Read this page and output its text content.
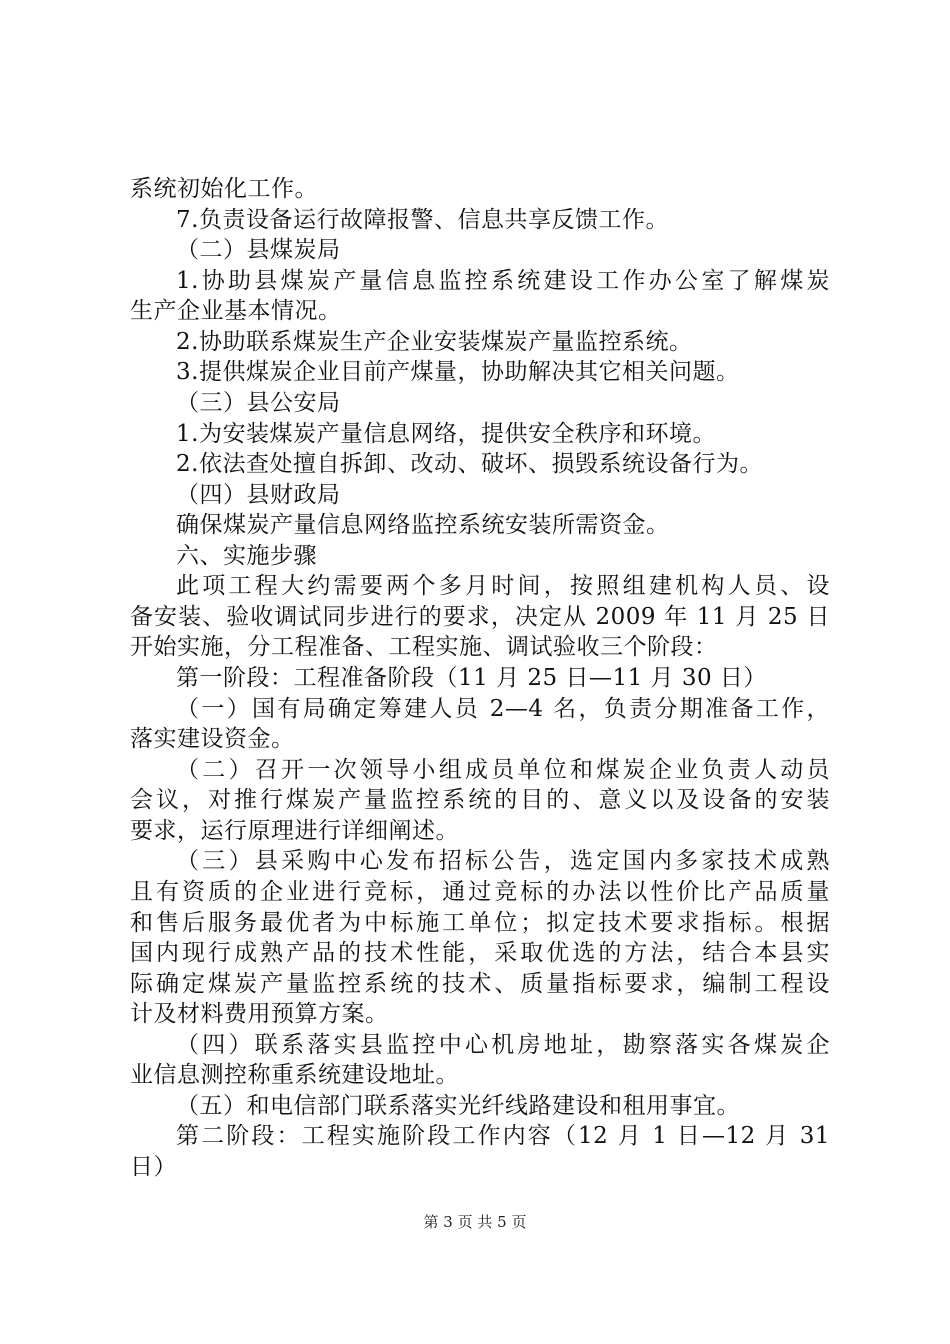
系统初始化工作。
7.负责设备运行故障报警、信息共享反馈工作。
（二）县煤炭局
1.协助县煤炭产量信息监控系统建设工作办公室了解煤炭
生产企业基本情况。
2.协助联系煤炭生产企业安装煤炭产量监控系统。
3.提供煤炭企业目前产煤量，协助解决其它相关问题。
（三）县公安局
1.为安装煤炭产量信息网络，提供安全秩序和环境。
2.依法查处擅自拆卸、改动、破坏、损毁系统设备行为。
（四）县财政局
确保煤炭产量信息网络监控系统安装所需资金。
六、实施步骤
此项工程大约需要两个多月时间，按照组建机构人员、设
备安装、验收调试同步进行的要求，决定从 2009 年 11 月 25 日
开始实施，分工程准备、工程实施、调试验收三个阶段：
第一阶段：工程准备阶段（11 月 25 日—11 月 30 日）
（一）国有局确定筹建人员 2—4 名，负责分期准备工作，
落实建设资金。
（二）召开一次领导小组成员单位和煤炭企业负责人动员
会议，对推行煤炭产量监控系统的目的、意义以及设备的安装
要求，运行原理进行详细阐述。
（三）县采购中心发布招标公告，选定国内多家技术成熟
且有资质的企业进行竞标，通过竞标的办法以性价比产品质量
和售后服务最优者为中标施工单位；拟定技术要求指标。根据
国内现行成熟产品的技术性能，采取优选的方法，结合本县实
际确定煤炭产量监控系统的技术、质量指标要求，编制工程设
计及材料费用预算方案。
（四）联系落实县监控中心机房地址，勘察落实各煤炭企
业信息测控称重系统建设地址。
（五）和电信部门联系落实光纤线路建设和租用事宜。
第二阶段：工程实施阶段工作内容（12 月 1 日—12 月 31
日）
第 3 页 共 5 页
